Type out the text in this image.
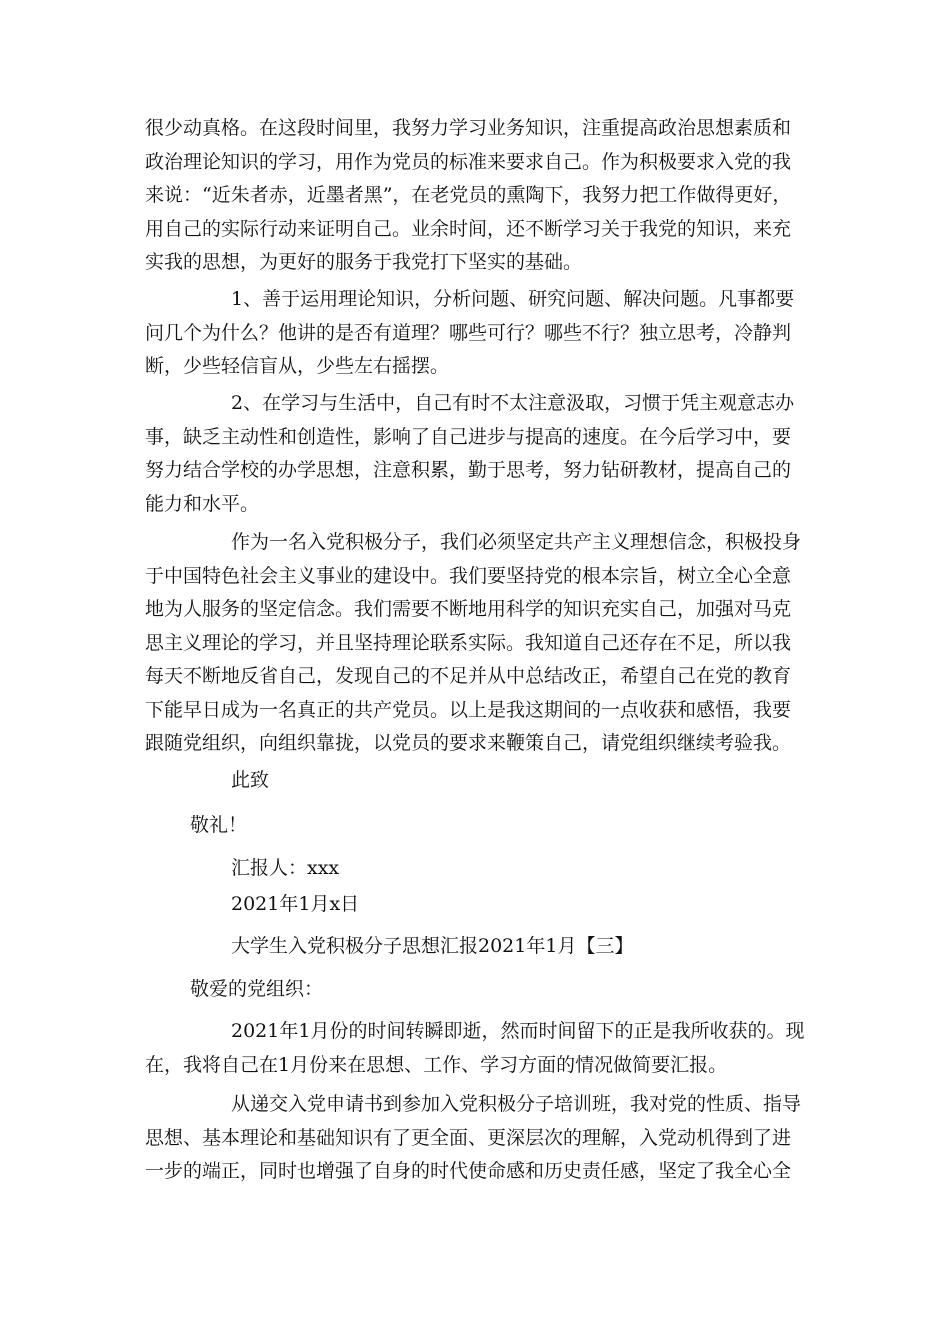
很少动真格。在这段时间里，我努力学习业务知识，注重提高政治思想素质和
政治理论知识的学习，用作为党员的标准来要求自己。作为积极要求入党的我
来说：“近朱者赤，近墨者黑”，在老党员的熏陶下，我努力把工作做得更好，
用自己的实际行动来证明自己。业余时间，还不断学习关于我党的知识，来充
实我的思想，为更好的服务于我党打下坚实的基础。
1、善于运用理论知识，分析问题、研究问题、解决问题。凡事都要
问几个为什么？他讲的是否有道理？哪些可行？哪些不行？独立思考，冷静判
断，少些轻信盲从，少些左右摇摆。
2、在学习与生活中，自己有时不太注意汲取，习惯于凭主观意志办
事，缺乏主动性和创造性，影响了自己进步与提高的速度。在今后学习中，要
努力结合学校的办学思想，注意积累，勤于思考，努力钻研教材，提高自己的
能力和水平。
作为一名入党积极分子，我们必须坚定共产主义理想信念，积极投身
于中国特色社会主义事业的建设中。我们要坚持党的根本宗旨，树立全心全意
地为人服务的坚定信念。我们需要不断地用科学的知识充实自己，加强对马克
思主义理论的学习，并且坚持理论联系实际。我知道自己还存在不足，所以我
每天不断地反省自己，发现自己的不足并从中总结改正，希望自己在党的教育
下能早日成为一名真正的共产党员。以上是我这期间的一点收获和感悟，我要
跟随党组织，向组织靠拢，以党员的要求来鞭策自己，请党组织继续考验我。

此致

敬礼！

汇报人：xxx

2021年1月x日

大学生入党积极分子思想汇报2021年1月【三】

敬爱的党组织：

2021年1月份的时间转瞬即逝，然而时间留下的正是我所收获的。现
在，我将自己在1月份来在思想、工作、学习方面的情况做简要汇报。
从递交入党申请书到参加入党积极分子培训班，我对党的性质、指导
思想、基本理论和基础知识有了更全面、更深层次的理解，入党动机得到了进
一步的端正，同时也增强了自身的时代使命感和历史责任感，坚定了我全心全
